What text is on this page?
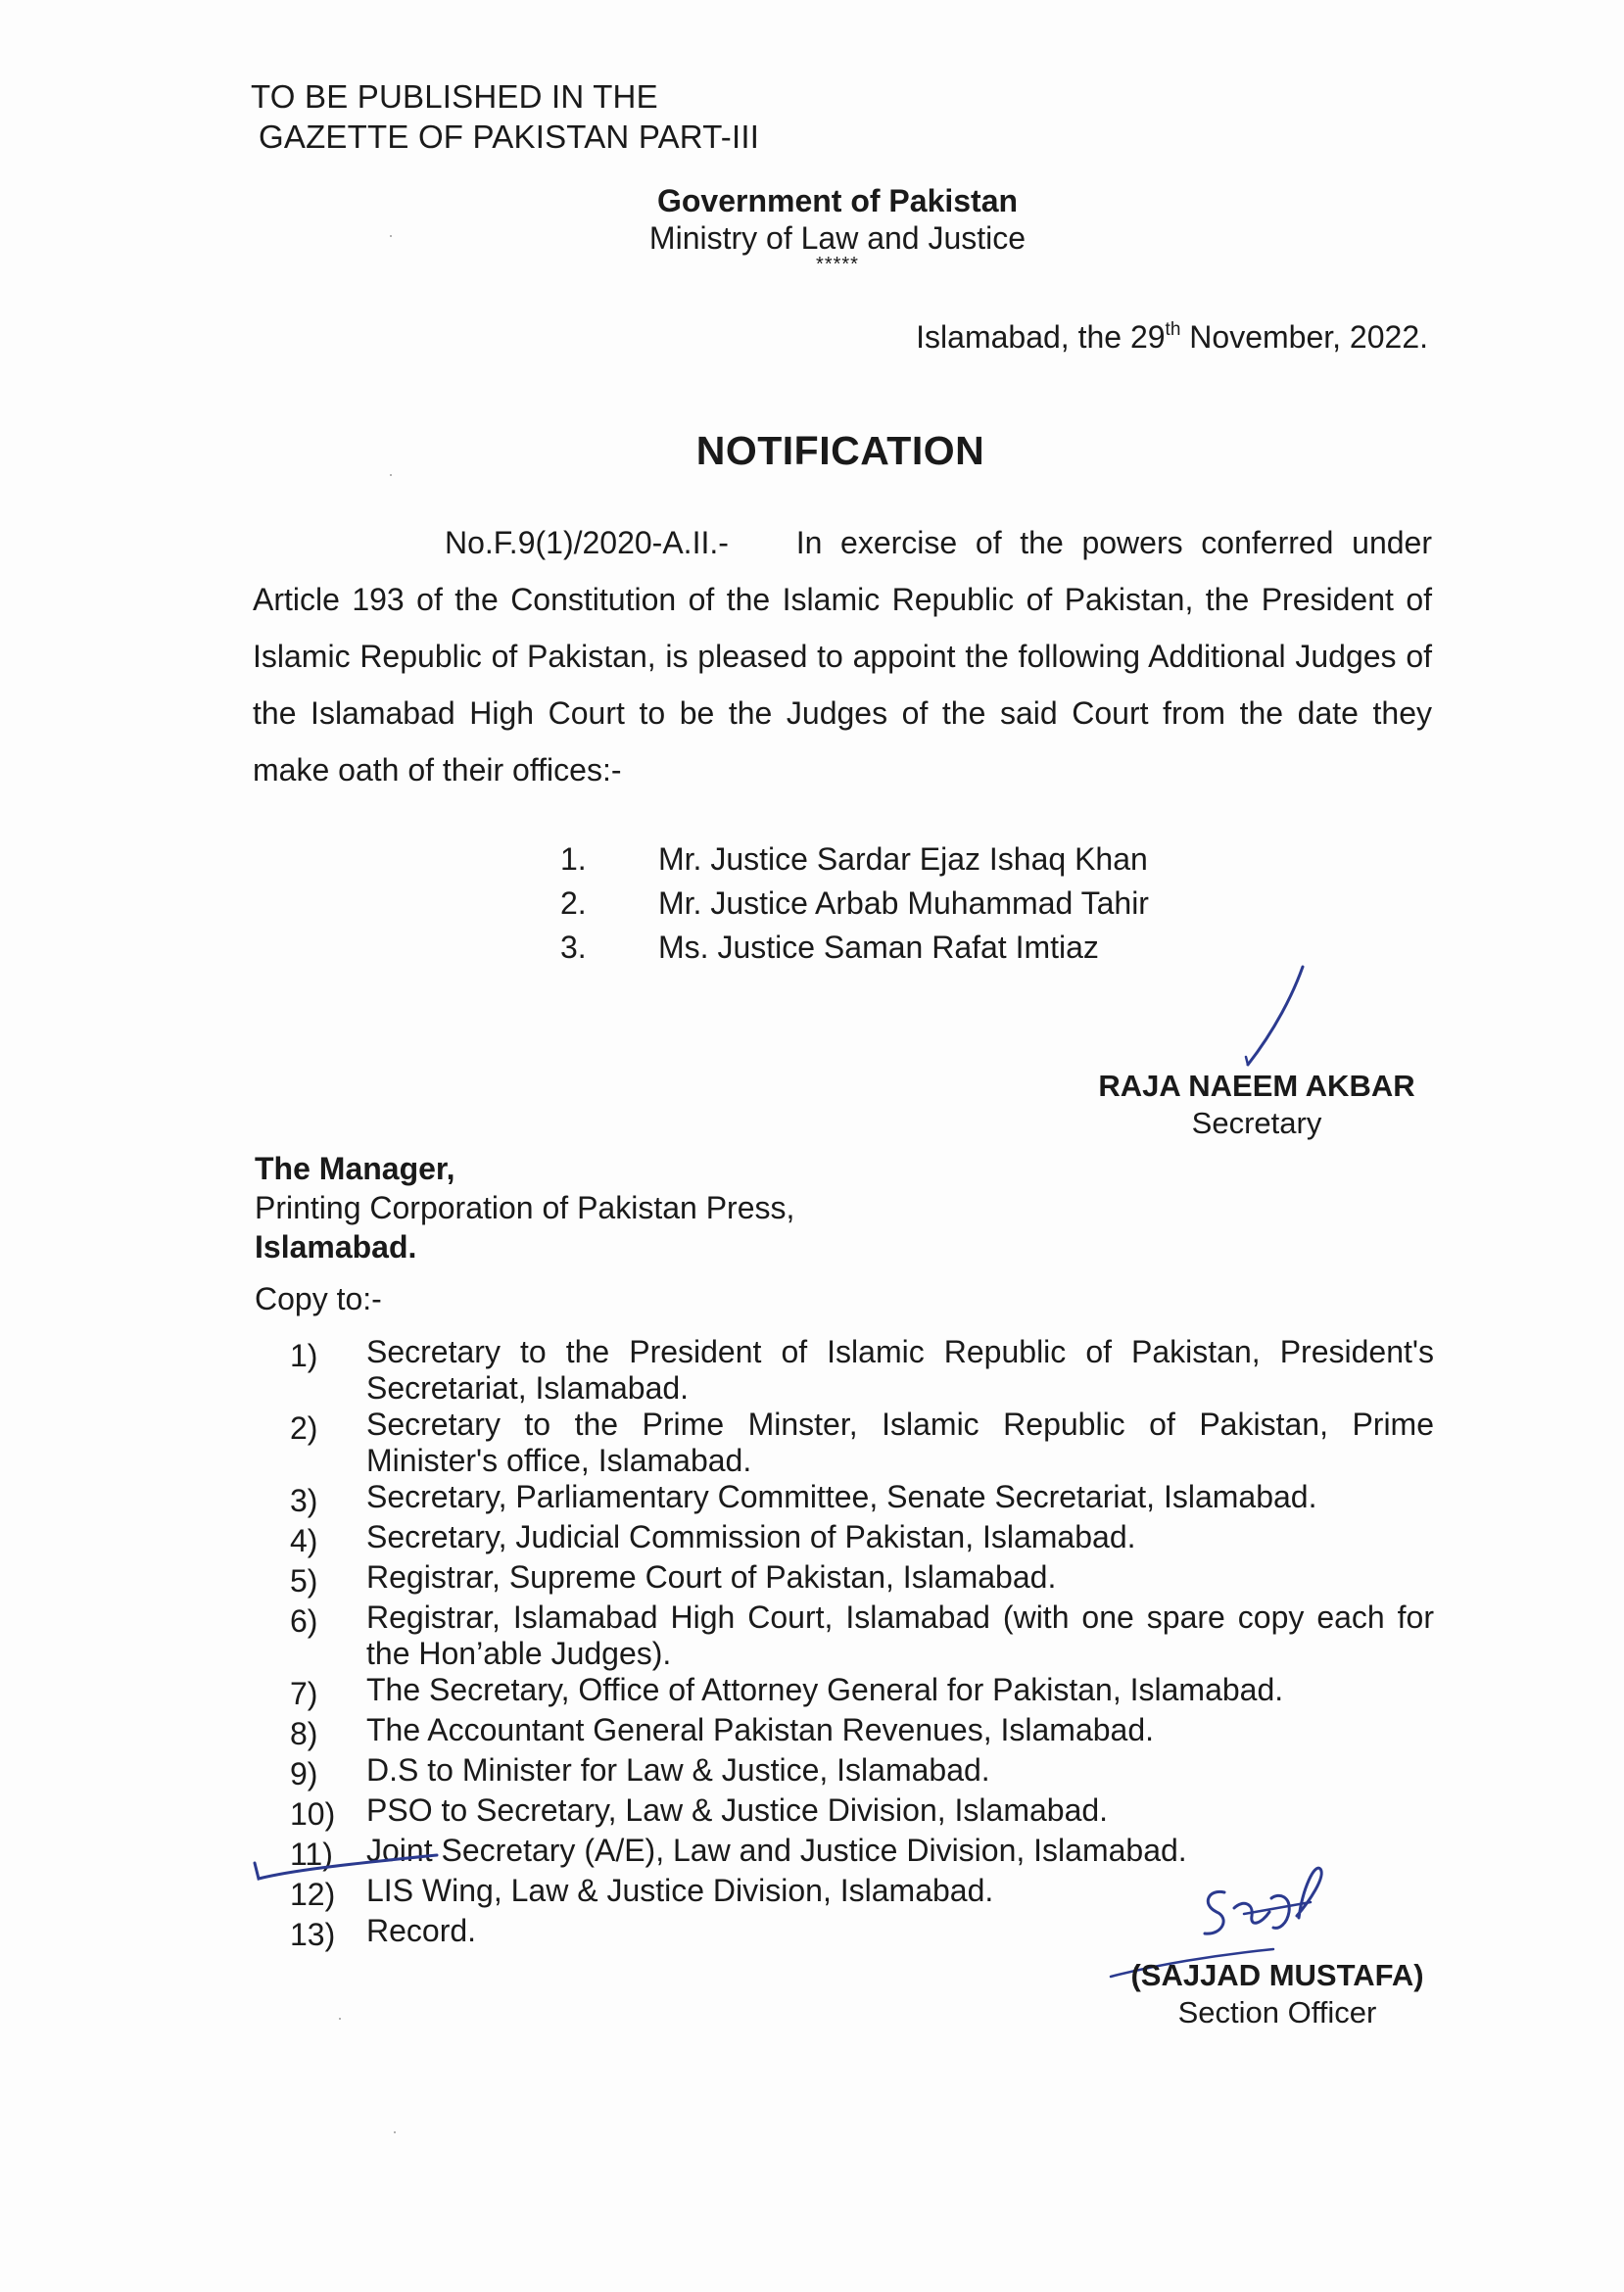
TO BE PUBLISHED IN THE
GAZETTE OF PAKISTAN PART-III
Government of Pakistan
Ministry of Law and Justice
*****
Islamabad, the 29th November, 2022.
NOTIFICATION
No.F.9(1)/2020-A.II.- In exercise of the powers conferred under Article 193 of the Constitution of the Islamic Republic of Pakistan, the President of Islamic Republic of Pakistan, is pleased to appoint the following Additional Judges of the Islamabad High Court to be the Judges of the said Court from the date they make oath of their offices:-
1.	Mr. Justice Sardar Ejaz Ishaq Khan
2.	Mr. Justice Arbab Muhammad Tahir
3.	Ms. Justice Saman Rafat Imtiaz
RAJA NAEEM AKBAR
Secretary
The Manager,
Printing Corporation of Pakistan Press,
Islamabad.
Copy to:-
1)	Secretary to the President of Islamic Republic of Pakistan, President's Secretariat, Islamabad.
2)	Secretary to the Prime Minster, Islamic Republic of Pakistan, Prime Minister's office, Islamabad.
3)	Secretary, Parliamentary Committee, Senate Secretariat, Islamabad.
4)	Secretary, Judicial Commission of Pakistan, Islamabad.
5)	Registrar, Supreme Court of Pakistan, Islamabad.
6)	Registrar, Islamabad High Court, Islamabad (with one spare copy each for the Hon’able Judges).
7)	The Secretary, Office of Attorney General for Pakistan, Islamabad.
8)	The Accountant General Pakistan Revenues, Islamabad.
9)	D.S to Minister for Law & Justice, Islamabad.
10) PSO to Secretary, Law & Justice Division, Islamabad.
11)	Joint Secretary (A/E), Law and Justice Division, Islamabad.
12) LIS Wing, Law & Justice Division, Islamabad.
13) Record.
(SAJJAD MUSTAFA)
Section Officer
